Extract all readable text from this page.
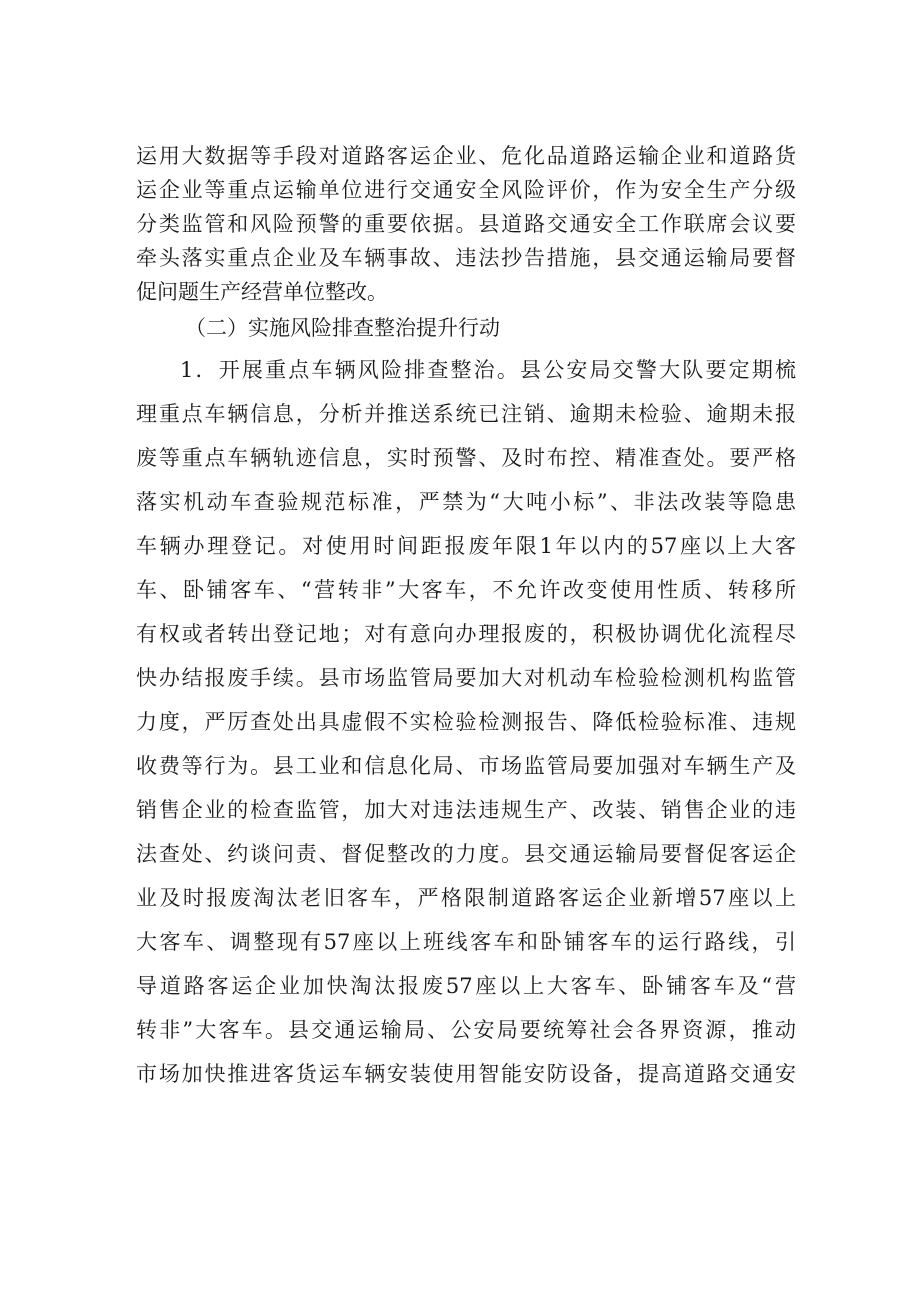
运用大数据等手段对道路客运企业、危化品道路运输企业和道路货
运企业等重点运输单位进行交通安全风险评价，作为安全生产分级
分类监管和风险预警的重要依据。县道路交通安全工作联席会议要
牵头落实重点企业及车辆事故、违法抄告措施，县交通运输局要督
促问题生产经营单位整改。
（二）实施风险排查整治提升行动
1．开展重点车辆风险排查整治。县公安局交警大队要定期梳
理重点车辆信息，分析并推送系统已注销、逾期未检验、逾期未报
废等重点车辆轨迹信息，实时预警、及时布控、精准查处。要严格
落实机动车查验规范标准，严禁为“大吨小标”、非法改装等隐患
车辆办理登记。对使用时间距报废年限1年以内的57座以上大客
车、卧铺客车、“营转非”大客车，不允许改变使用性质、转移所
有权或者转出登记地；对有意向办理报废的，积极协调优化流程尽
快办结报废手续。县市场监管局要加大对机动车检验检测机构监管
力度，严厉查处出具虚假不实检验检测报告、降低检验标准、违规
收费等行为。县工业和信息化局、市场监管局要加强对车辆生产及
销售企业的检查监管，加大对违法违规生产、改装、销售企业的违
法查处、约谈问责、督促整改的力度。县交通运输局要督促客运企
业及时报废淘汰老旧客车，严格限制道路客运企业新增57座以上
大客车、调整现有57座以上班线客车和卧铺客车的运行路线，引
导道路客运企业加快淘汰报废57座以上大客车、卧铺客车及“营
转非”大客车。县交通运输局、公安局要统筹社会各界资源，推动
市场加快推进客货运车辆安装使用智能安防设备，提高道路交通安
